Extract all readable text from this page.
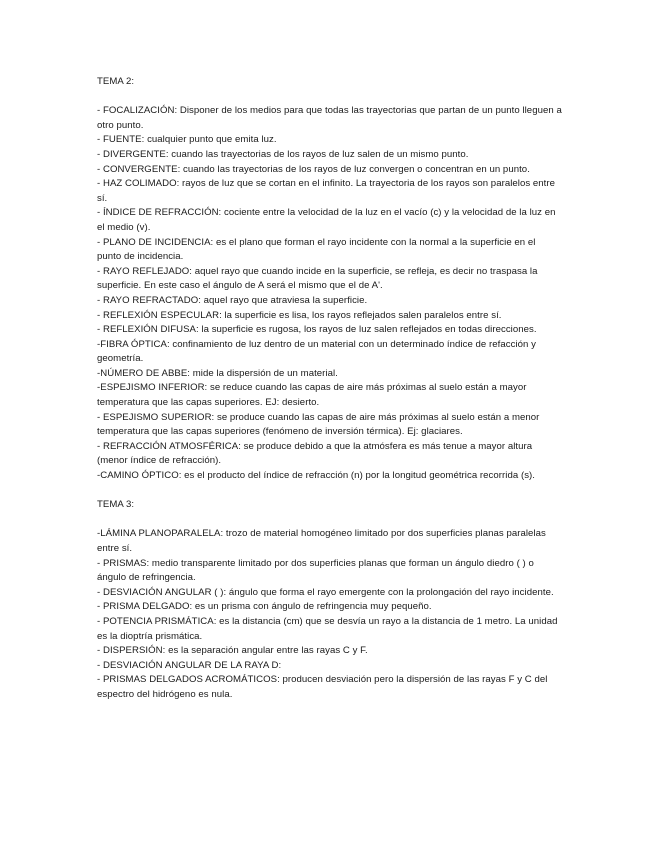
TEMA 2:

- FOCALIZACIÓN: Disponer de los medios para que todas las trayectorias que partan de un punto lleguen a otro punto.

- FUENTE: cualquier punto que emita luz.

- DIVERGENTE: cuando las trayectorias de los rayos de luz salen de un mismo punto.

- CONVERGENTE: cuando las trayectorias de los rayos de luz convergen o concentran en un punto.

- HAZ COLIMADO: rayos de luz que se cortan en el infinito. La trayectoria de los rayos son paralelos entre sí.

- ÍNDICE DE REFRACCIÓN: cociente entre la velocidad de la luz en el vacío (c) y la velocidad de la luz en el medio (v).

- PLANO DE INCIDENCIA: es el plano que forman el rayo incidente con la normal a la superficie en el punto de incidencia.

- RAYO REFLEJADO: aquel rayo que cuando incide en la superficie, se refleja, es decir no traspasa la superficie. En este caso el ángulo de A será el mismo que el de A'.

- RAYO REFRACTADO: aquel rayo que atraviesa la superficie.

- REFLEXIÓN ESPECULAR: la superficie es lisa, los rayos reflejados salen paralelos entre sí.

- REFLEXIÓN DIFUSA: la superficie es rugosa, los rayos de luz salen reflejados en todas direcciones.

-FIBRA ÓPTICA: confinamiento de luz dentro de un material con un determinado índice de refacción y geometría.

-NÚMERO DE ABBE: mide la dispersión de un material.

-ESPEJISMO INFERIOR: se reduce cuando las capas de aire más próximas al suelo están a mayor temperatura que las capas superiores. EJ: desierto.

- ESPEJISMO SUPERIOR: se produce cuando las capas de aire más próximas al suelo están a menor temperatura que las capas superiores (fenómeno de inversión térmica). Ej: glaciares.

- REFRACCIÓN ATMOSFÉRICA: se produce debido a que la atmósfera es más tenue a mayor altura (menor índice de refracción).

-CAMINO ÓPTICO: es el producto del índice de refracción (n) por la longitud geométrica recorrida (s).

TEMA 3:

-LÁMINA PLANOPARALELA: trozo de material homogéneo limitado por dos superficies planas paralelas entre sí.

- PRISMAS: medio transparente limitado por dos superficies planas que forman un ángulo diedro ( ) o ángulo de refringencia.

- DESVIACIÓN ANGULAR ( ): ángulo que forma el rayo emergente con la prolongación del rayo incidente.

- PRISMA DELGADO: es un prisma con ángulo de refringencia muy pequeño.

- POTENCIA PRISMÁTICA: es la distancia (cm) que se desvía un rayo a la distancia de 1 metro. La unidad es la dioptría prismática.

- DISPERSIÓN: es la separación angular entre las rayas C y F.

- DESVIACIÓN ANGULAR DE LA RAYA D:

- PRISMAS DELGADOS ACROMÁTICOS: producen desviación pero la dispersión de las rayas F y C del espectro del hidrógeno es nula.
